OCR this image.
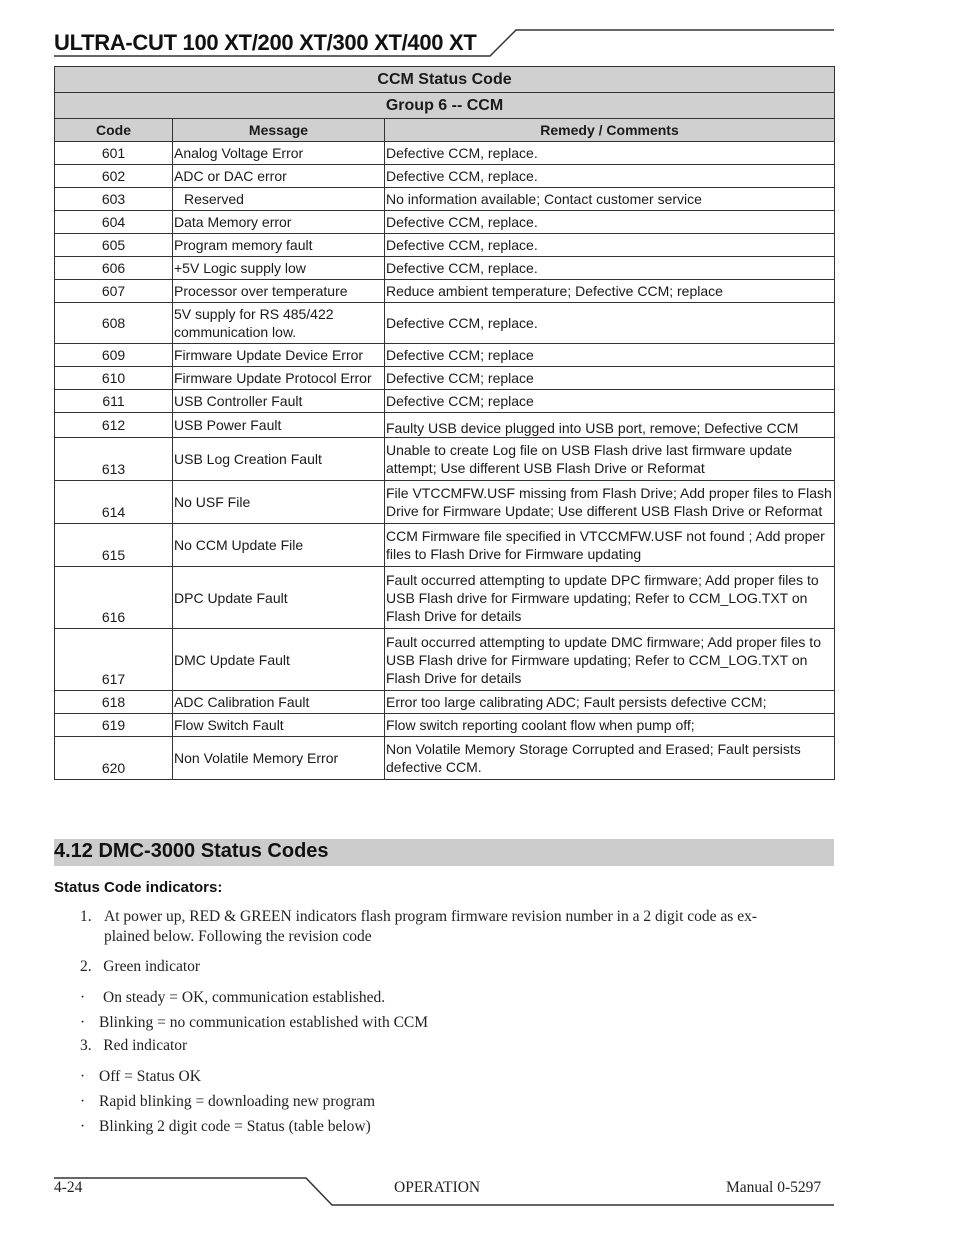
ULTRA-CUT 100 XT/200 XT/300 XT/400 XT
CCM Status Code		
Group 6 -- CCM		
Code	Message	Remedy / Comments
601	Analog Voltage Error	Defective CCM, replace.
602	ADC or DAC error	Defective CCM, replace.
603	Reserved	No information available; Contact customer service
604	Data Memory error	Defective CCM, replace.
605	Program memory fault	Defective CCM, replace.
606	+5V Logic supply low	Defective CCM, replace.
607	Processor over temperature	Reduce ambient temperature; Defective CCM; replace
608	5V supply for RS 485/422 communication low.	Defective CCM, replace.
609	Firmware Update Device Error	Defective CCM; replace
610	Firmware Update Protocol Error	Defective CCM; replace
611	USB Controller Fault	Defective CCM; replace
612	USB Power Fault	Faulty USB device plugged into USB port, remove; Defective CCM
613	USB Log Creation Fault	Unable to create Log file on USB Flash drive last firmware update attempt; Use different USB Flash Drive or Reformat
614	No USF File	File VTCCMFW.USF missing from Flash Drive; Add proper files to Flash Drive for Firmware Update; Use different USB Flash Drive or Reformat
615	No CCM Update File	CCM Firmware file specified in VTCCMFW.USF not found ; Add proper files to Flash Drive for Firmware updating
616	DPC Update Fault	Fault occurred attempting to update DPC firmware; Add proper files to USB Flash drive for Firmware updating; Refer to CCM_LOG.TXT on Flash Drive for details
617	DMC Update Fault	Fault occurred attempting to update DMC firmware; Add proper files to USB Flash drive for Firmware updating; Refer to CCM_LOG.TXT on Flash Drive for details
618	ADC Calibration Fault	Error too large calibrating ADC; Fault persists defective CCM;
619	Flow Switch Fault	Flow switch reporting coolant flow when pump off;
620	Non Volatile Memory Error	Non Volatile Memory Storage Corrupted and Erased; Fault persists defective CCM.
4.12 DMC-3000 Status Codes
Status Code indicators:
1. At power up, RED & GREEN indicators flash program firmware revision number in a 2 digit code as ex-
plained below. Following the revision code
2.   Green indicator
· On steady = OK, communication established.
· Blinking = no communication established with CCM
3.   Red indicator
· Off = Status OK
· Rapid blinking = downloading new program
· Blinking 2 digit code = Status (table below)
4-24	OPERATION	Manual 0-5297
